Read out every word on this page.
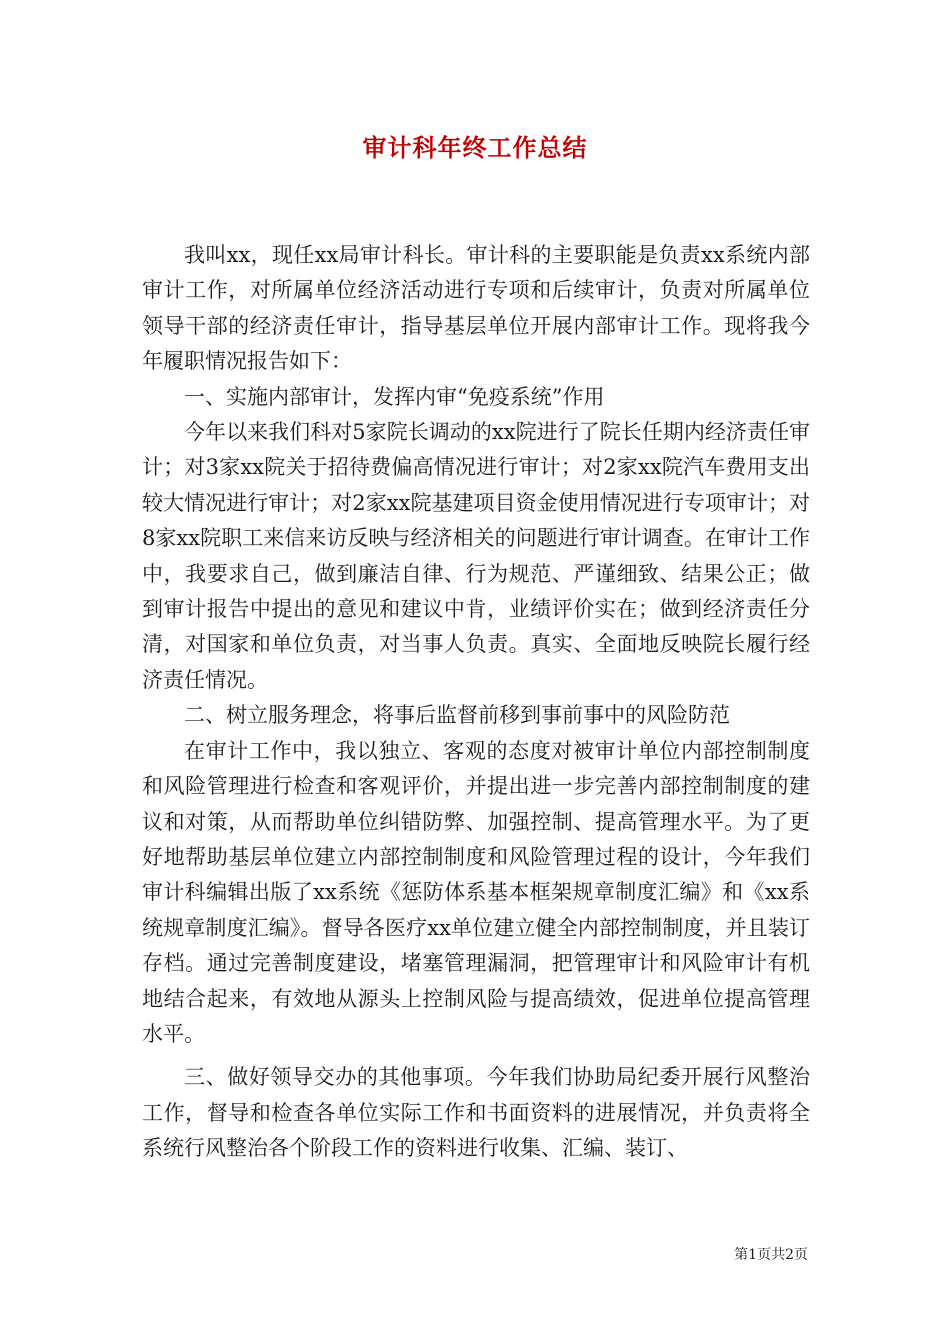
审计科年终工作总结

我叫xx，现任xx局审计科长。审计科的主要职能是负责xx系统内部审计工作，对所属单位经济活动进行专项和后续审计，负责对所属单位领导干部的经济责任审计，指导基层单位开展内部审计工作。现将我今年履职情况报告如下：

一、实施内部审计，发挥内审“免疫系统”作用

今年以来我们科对5家院长调动的xx院进行了院长任期内经济责任审计；对3家xx院关于招待费偏高情况进行审计；对2家xx院汽车费用支出较大情况进行审计；对2家xx院基建项目资金使用情况进行专项审计；对8家xx院职工来信来访反映与经济相关的问题进行审计调查。在审计工作中，我要求自己，做到廉洁自律、行为规范、严谨细致、结果公正；做到审计报告中提出的意见和建议中肯，业绩评价实在；做到经济责任分清，对国家和单位负责，对当事人负责。真实、全面地反映院长履行经济责任情况。

二、树立服务理念，将事后监督前移到事前事中的风险防范

在审计工作中，我以独立、客观的态度对被审计单位内部控制制度和风险管理进行检查和客观评价，并提出进一步完善内部控制制度的建议和对策，从而帮助单位纠错防弊、加强控制、提高管理水平。为了更好地帮助基层单位建立内部控制制度和风险管理过程的设计，今年我们审计科编辑出版了xx系统《惩防体系基本框架规章制度汇编》和《xx系统规章制度汇编》。督导各医疗xx单位建立健全内部控制制度，并且装订存档。通过完善制度建设，堵塞管理漏洞，把管理审计和风险审计有机地结合起来，有效地从源头上控制风险与提高绩效，促进单位提高管理水平。

三、做好领导交办的其他事项。今年我们协助局纪委开展行风整治工作，督导和检查各单位实际工作和书面资料的进展情况，并负责将全系统行风整治各个阶段工作的资料进行收集、汇编、装订、

第1页共2页
